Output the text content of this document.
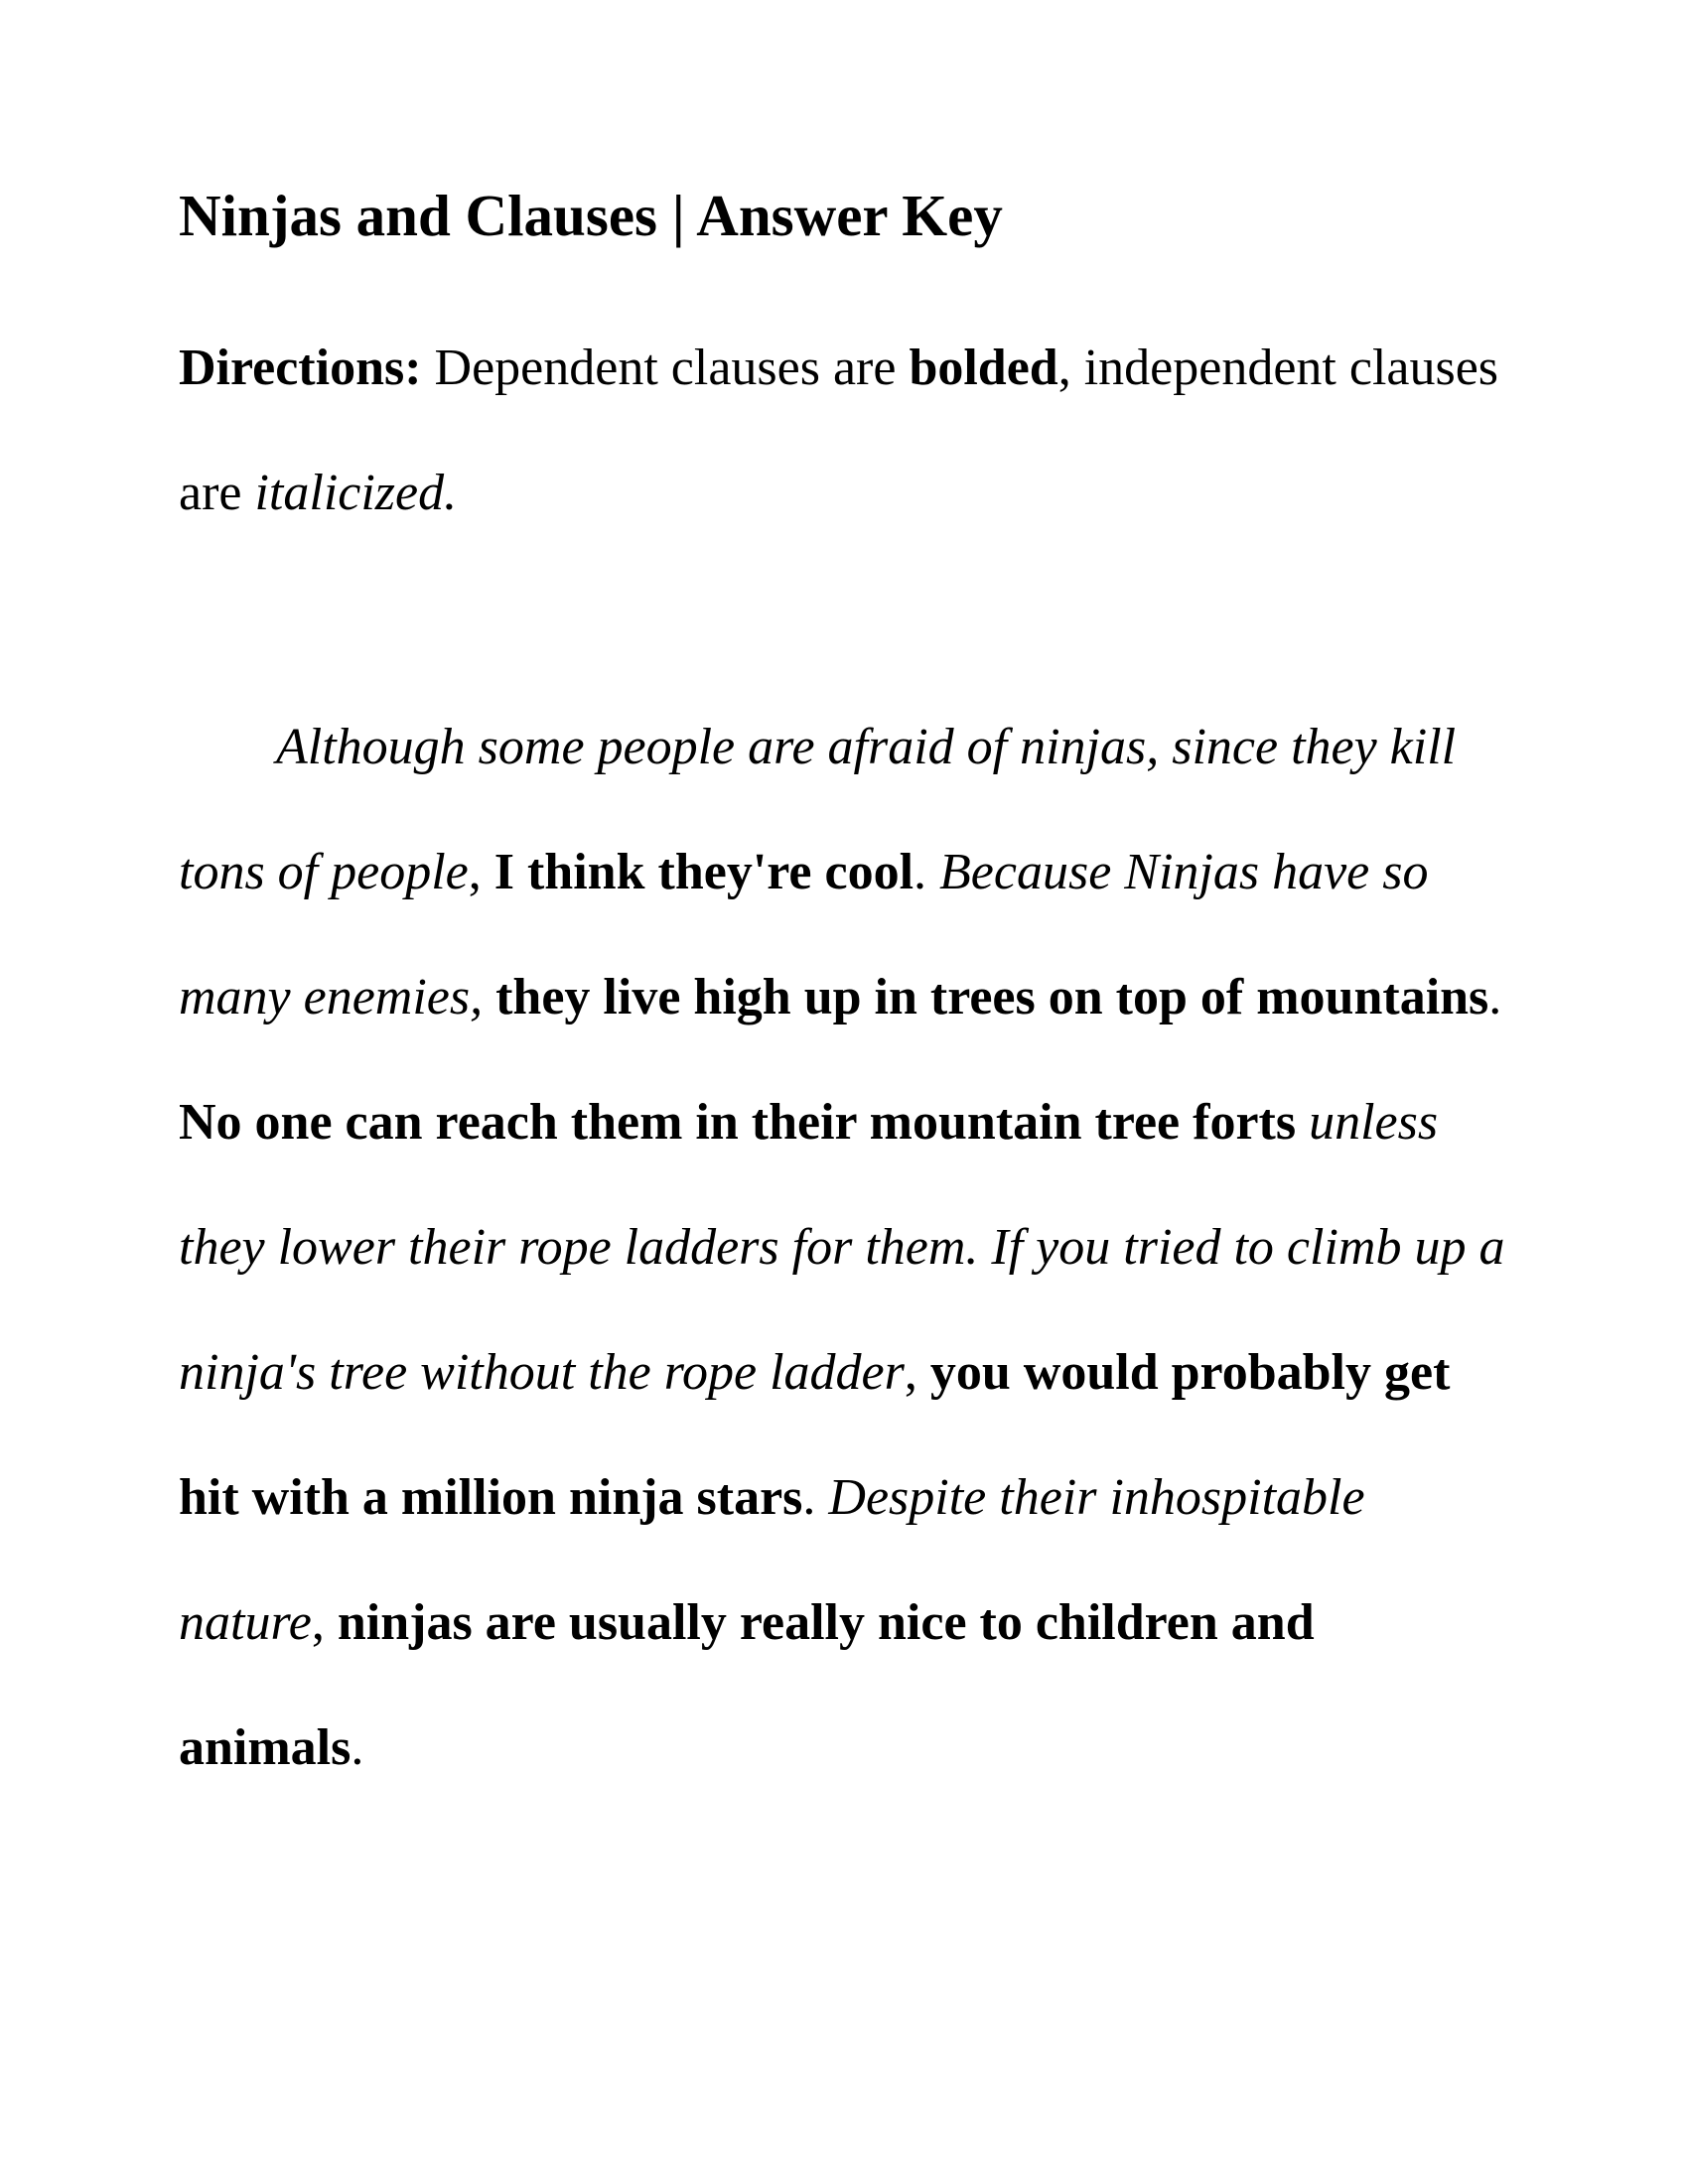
Ninjas and Clauses | Answer Key

Directions: Dependent clauses are bolded, independent clauses are italicized.

Although some people are afraid of ninjas, since they kill tons of people, I think they're cool. Because Ninjas have so many enemies, they live high up in trees on top of mountains. No one can reach them in their mountain tree forts unless they lower their rope ladders for them. If you tried to climb up a ninja's tree without the rope ladder, you would probably get hit with a million ninja stars. Despite their inhospitable nature, ninjas are usually really nice to children and animals.
